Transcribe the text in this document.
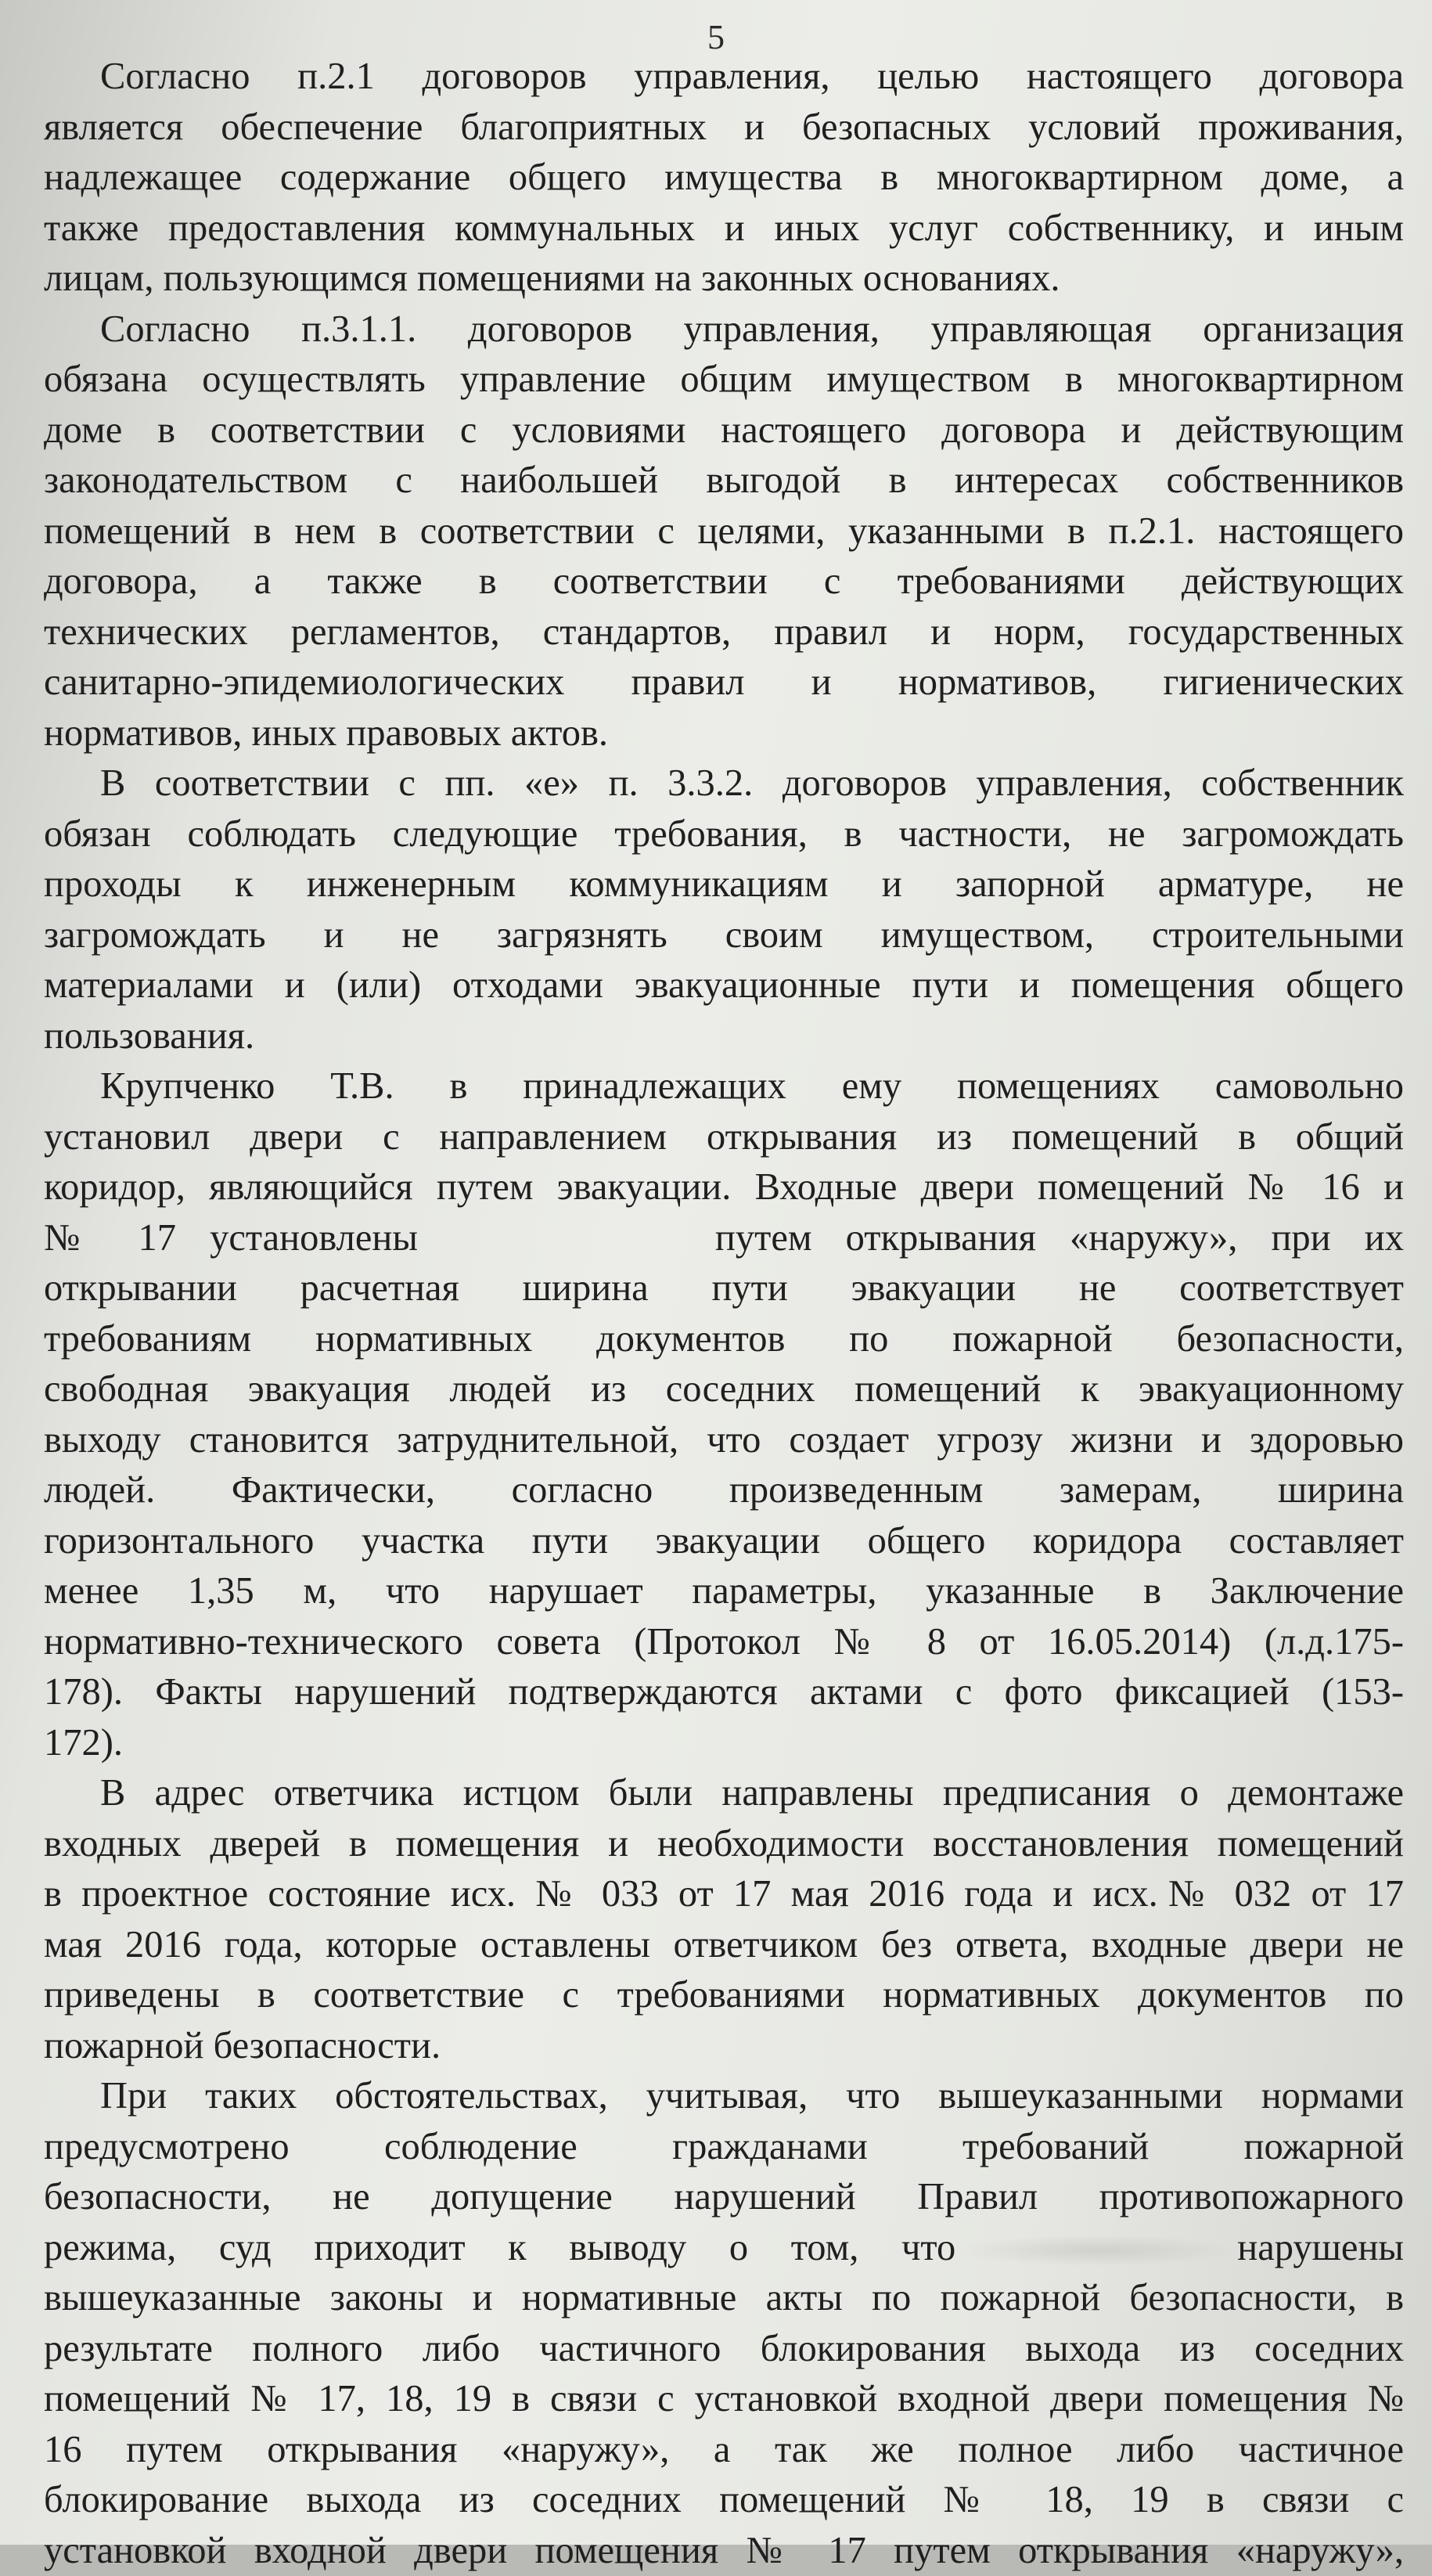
5
Согласно п.2.1 договоров управления, целью настоящего договора
является обеспечение благоприятных и безопасных условий проживания,
надлежащее содержание общего имущества в многоквартирном доме, а
также предоставления коммунальных и иных услуг собственнику, и иным
лицам, пользующимся помещениями на законных основаниях.
Согласно п.3.1.1. договоров управления, управляющая организация
обязана осуществлять управление общим имуществом в многоквартирном
доме в соответствии с условиями настоящего договора и действующим
законодательством с наибольшей выгодой в интересах собственников
помещений в нем в соответствии с целями, указанными в п.2.1. настоящего
договора, а также в соответствии с требованиями действующих
технических регламентов, стандартов, правил и норм, государственных
санитарно-эпидемиологических правил и нормативов, гигиенических
нормативов, иных правовых актов.
В соответствии с пп. «е» п. 3.3.2. договоров управления, собственник
обязан соблюдать следующие требования, в частности, не загромождать
проходы к инженерным коммуникациям и запорной арматуре, не
загромождать и не загрязнять своим имуществом, строительными
материалами и (или) отходами эвакуационные пути и помещения общего
пользования.
Крупченко Т.В. в принадлежащих ему помещениях самовольно
установил двери с направлением открывания из помещений в общий
коридор, являющийся путем эвакуации. Входные двери помещений № 16 и
№ 17 установлены	путем открывания «наружу», при их
открывании расчетная ширина пути эвакуации не соответствует
требованиям нормативных документов по пожарной безопасности,
свободная эвакуация людей из соседних помещений к эвакуационному
выходу становится затруднительной, что создает угрозу жизни и здоровью
людей. Фактически, согласно произведенным замерам, ширина
горизонтального участка пути эвакуации общего коридора составляет
менее 1,35 м, что нарушает параметры, указанные в Заключение
нормативно-технического совета (Протокол № 8 от 16.05.2014) (л.д.175-
178). Факты нарушений подтверждаются актами с фото фиксацией (153-
172).
В адрес ответчика истцом были направлены предписания о демонтаже
входных дверей в помещения и необходимости восстановления помещений
в проектное состояние исх. № 033 от 17 мая 2016 года и исх.№ 032 от 17
мая 2016 года, которые оставлены ответчиком без ответа, входные двери не
приведены в соответствие с требованиями нормативных документов по
пожарной безопасности.
При таких обстоятельствах, учитывая, что вышеуказанными нормами
предусмотрено соблюдение гражданами требований пожарной
безопасности, не допущение нарушений Правил противопожарного
режима, суд приходит к выводу о том, что	нарушены
вышеуказанные законы и нормативные акты по пожарной безопасности, в
результате полного либо частичного блокирования выхода из соседних
помещений № 17, 18, 19 в связи с установкой входной двери помещения №
16 путем открывания «наружу», а так же полное либо частичное
блокирование выхода из соседних помещений № 18, 19 в связи с
установкой входной двери помещения № 17 путем открывания «наружу»,
